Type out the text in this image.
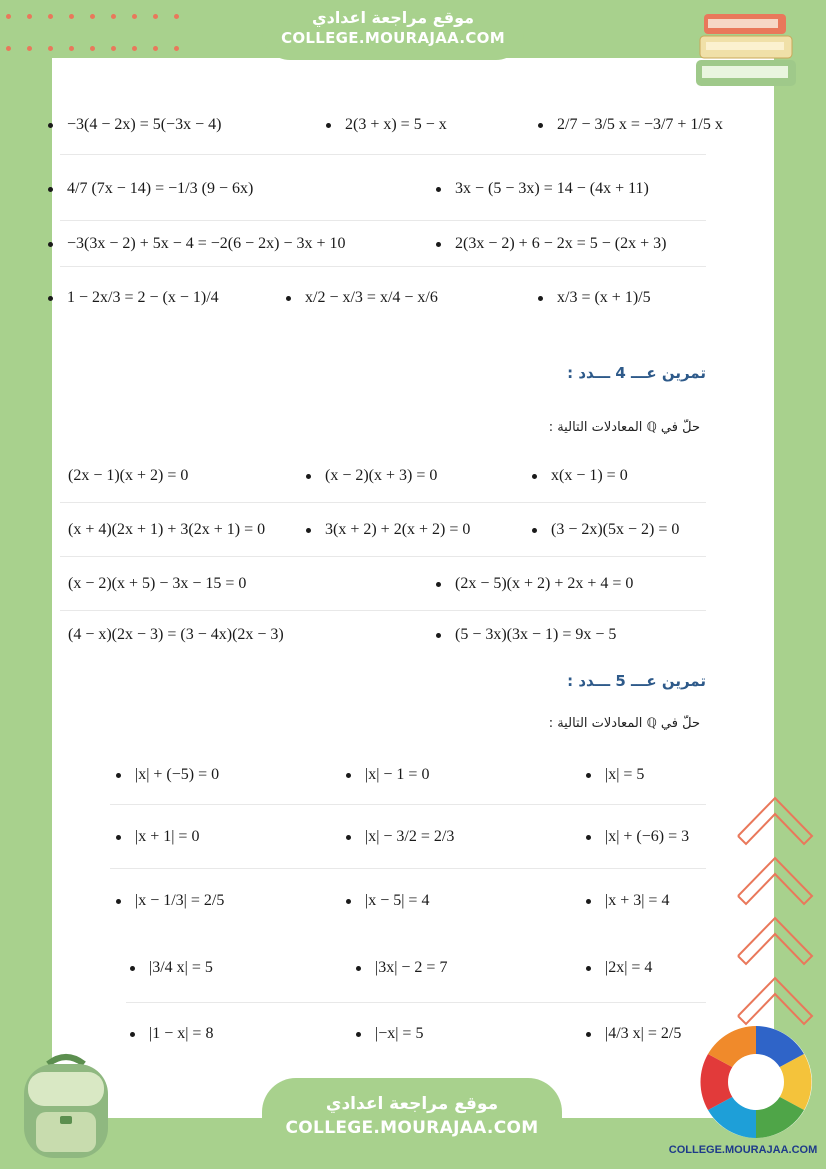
موقع مراجعة اعدادي
COLLEGE.MOURAJAA.COM
−3(4 − 2x) = 5(−3x − 4)	2(3 + x) = 5 − x	2/7 − 3/5 x = −3/7 + 1/5 x
4/7 (7x − 14) = −1/3 (9 − 6x)	3x − (5 − 3x) = 14 − (4x + 11)
−3(3x − 2) + 5x − 4 = −2(6 − 2x) − 3x + 10	2(3x − 2) + 6 − 2x = 5 − (2x + 3)
1 − 2x/3 = 2 − (x − 1)/4	x/2 − x/3 = x/4 − x/6	x/3 = (x + 1)/5
تمرين عـــ 4 ـــدد :
حلّ في ℚ المعادلات التالية :
(2x − 1)(x + 2) = 0	(x − 2)(x + 3) = 0	x(x − 1) = 0
(x + 4)(2x + 1) + 3(2x + 1) = 0	3(x + 2) + 2(x + 2) = 0	(3 − 2x)(5x − 2) = 0
(x − 2)(x + 5) − 3x − 15 = 0	(2x − 5)(x + 2) + 2x + 4 = 0
(4 − x)(2x − 3) = (3 − 4x)(2x − 3)	(5 − 3x)(3x − 1) = 9x − 5
تمرين عـــ 5 ـــدد :
حلّ في ℚ المعادلات التالية :
|x| + (−5) = 0	|x| − 1 = 0	|x| = 5
|x + 1| = 0	|x| − 3/2 = 2/3	|x| + (−6) = 3
|x − 1/3| = 2/5	|x − 5| = 4	|x + 3| = 4
|3/4 x| = 5	|3x| − 2 = 7	|2x| = 4
|1 − x| = 8	|−x| = 5	|4/3 x| = 2/5
موقع مراجعة اعدادي
COLLEGE.MOURAJAA.COM
COLLEGE.MOURAJAA.COM
